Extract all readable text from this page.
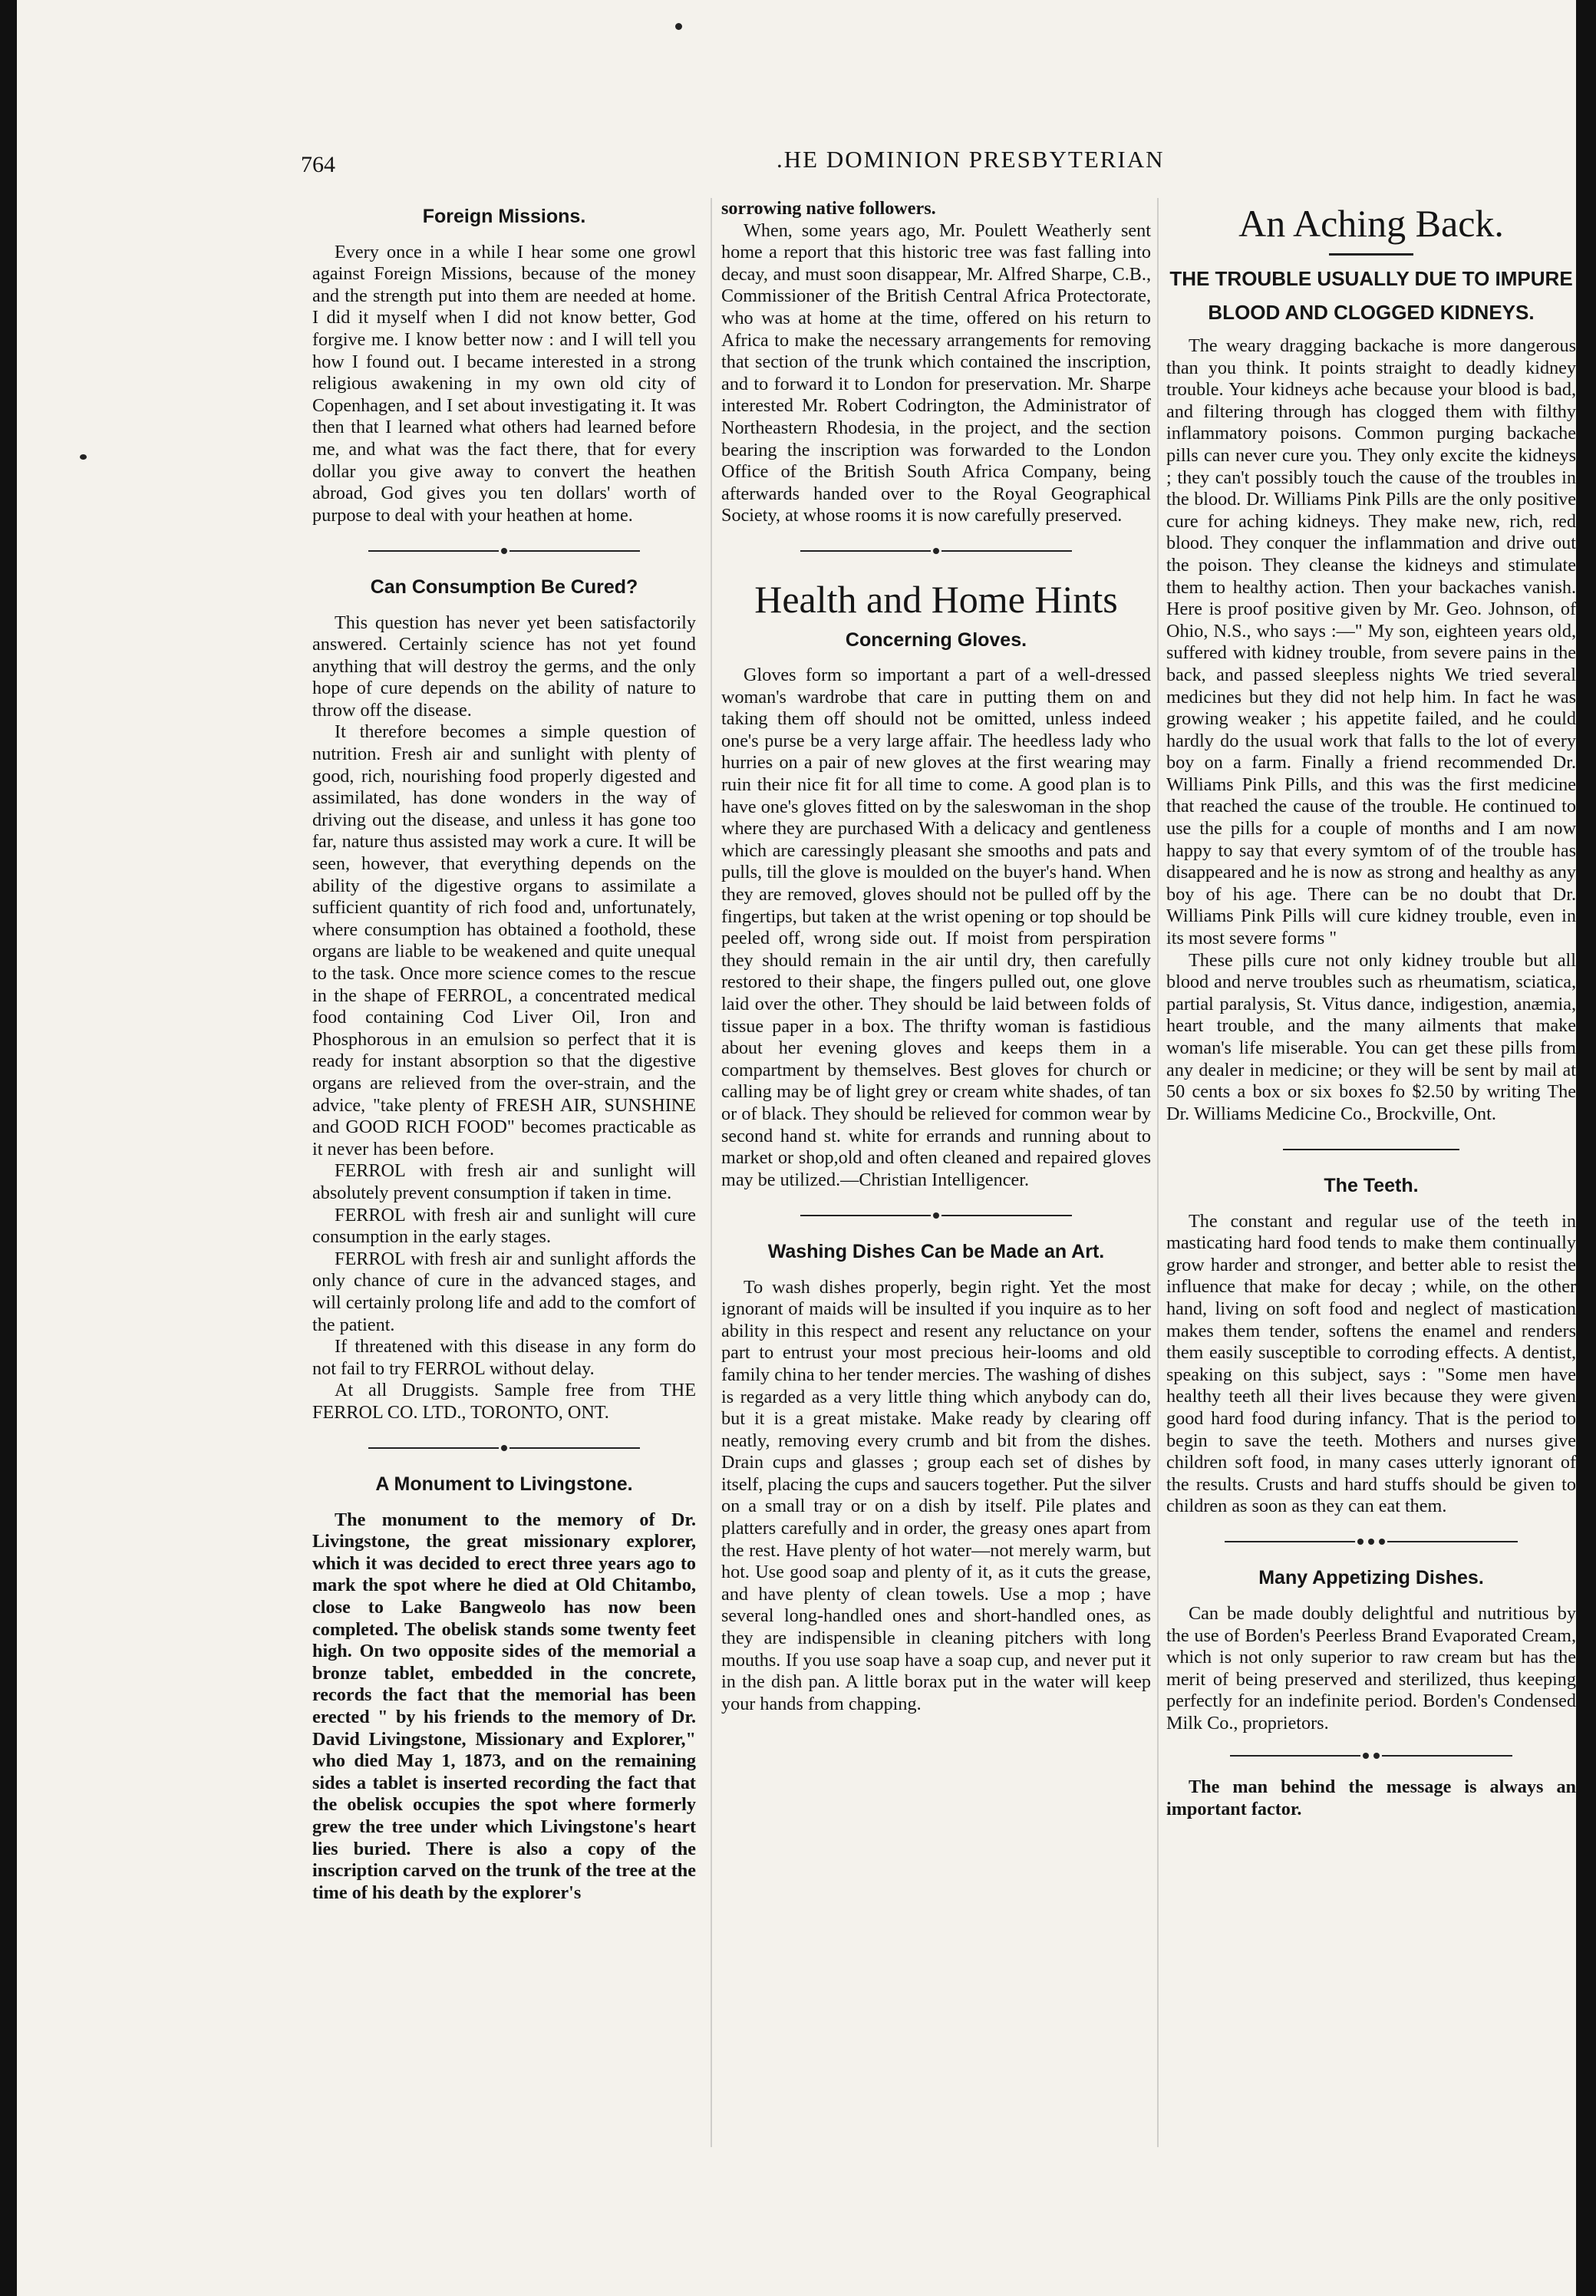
764	.HE DOMINION PRESBYTERIAN
Foreign Missions.

Every once in a while I hear some one growl against Foreign Missions, because of the money and the strength put into them are needed at home. I did it myself when I did not know better, God forgive me. I know better now : and I will tell you how I found out. I became interested in a strong religious awakening in my own old city of Copenhagen, and I set about investigating it. It was then that I learned what others had learned before me, and what was the fact there, that for every dollar you give away to convert the heathen abroad, God gives you ten dollars' worth of purpose to deal with your heathen at home.

Can Consumption Be Cured?

This question has never yet been satisfactorily answered. Certainly science has not yet found anything that will destroy the germs, and the only hope of cure depends on the ability of nature to throw off the disease.

It therefore becomes a simple question of nutrition. Fresh air and sunlight with plenty of good, rich, nourishing food properly digested and assimilated, has done wonders in the way of driving out the disease, and unless it has gone too far, nature thus assisted may work a cure. It will be seen, however, that everything depends on the ability of the digestive organs to assimilate a sufficient quantity of rich food and, unfortunately, where consumption has obtained a foothold, these organs are liable to be weakened and quite unequal to the task. Once more science comes to the rescue in the shape of FERROL, a concentrated medical food containing Cod Liver Oil, Iron and Phosphorous in an emulsion so perfect that it is ready for instant absorption so that the digestive organs are relieved from the over-strain, and the advice, "take plenty of FRESH AIR, SUNSHINE and GOOD RICH FOOD" becomes practicable as it never has been before.

FERROL with fresh air and sunlight will absolutely prevent consumption if taken in time.

FERROL with fresh air and sunlight will cure consumption in the early stages.

FERROL with fresh air and sunlight affords the only chance of cure in the advanced stages, and will certainly prolong life and add to the comfort of the patient.

If threatened with this disease in any form do not fail to try FERROL without delay.

At all Druggists. Sample free from THE FERROL CO. LTD., TORONTO, ONT.

A Monument to Livingstone.

The monument to the memory of Dr. Livingstone, the great missionary explorer, which it was decided to erect three years ago to mark the spot where he died at Old Chitambo, close to Lake Bangweolo has now been completed. The obelisk stands some twenty feet high. On two opposite sides of the memorial a bronze tablet, embedded in the concrete, records the fact that the memorial has been erected " by his friends to the memory of Dr. David Livingstone, Missionary and Explorer," who died May 1, 1873, and on the remaining sides a tablet is inserted recording the fact that the obelisk occupies the spot where formerly grew the tree under which Livingstone's heart lies buried. There is also a copy of the inscription carved on the trunk of the tree at the time of his death by the explorer's

sorrowing native followers.

When, some years ago, Mr. Poulett Weatherly sent home a report that this historic tree was fast falling into decay, and must soon disappear, Mr. Alfred Sharpe, C.B., Commissioner of the British Central Africa Protectorate, who was at home at the time, offered on his return to Africa to make the necessary arrangements for removing that section of the trunk which contained the inscription, and to forward it to London for preservation. Mr. Sharpe interested Mr. Robert Codrington, the Administrator of Northeastern Rhodesia, in the project, and the section bearing the inscription was forwarded to the London Office of the British South Africa Company, being afterwards handed over to the Royal Geographical Society, at whose rooms it is now carefully preserved.

Health and Home Hints
Concerning Gloves.

Gloves form so important a part of a well-dressed woman's wardrobe that care in putting them on and taking them off should not be omitted, unless indeed one's purse be a very large affair. The heedless lady who hurries on a pair of new gloves at the first wearing may ruin their nice fit for all time to come. A good plan is to have one's gloves fitted on by the saleswoman in the shop where they are purchased With a delicacy and gentleness which are caressingly pleasant she smooths and pats and pulls, till the glove is moulded on the buyer's hand. When they are removed, gloves should not be pulled off by the fingertips, but taken at the wrist opening or top should be peeled off, wrong side out. If moist from perspiration they should remain in the air until dry, then carefully restored to their shape, the fingers pulled out, one glove laid over the other. They should be laid between folds of tissue paper in a box. The thrifty woman is fastidious about her evening gloves and keeps them in a compartment by themselves. Best gloves for church or calling may be of light grey or cream white shades, of tan or of black. They should be relieved for common wear by second hand st. white for errands and running about to market or shop,old and often cleaned and repaired gloves may be utilized.—Christian Intelligencer.

Washing Dishes Can be Made an Art.

To wash dishes properly, begin right. Yet the most ignorant of maids will be insulted if you inquire as to her ability in this respect and resent any reluctance on your part to entrust your most precious heir-looms and old family china to her tender mercies. The washing of dishes is regarded as a very little thing which anybody can do, but it is a great mistake. Make ready by clearing off neatly, removing every crumb and bit from the dishes. Drain cups and glasses ; group each set of dishes by itself, placing the cups and saucers together. Put the silver on a small tray or on a dish by itself. Pile plates and platters carefully and in order, the greasy ones apart from the rest. Have plenty of hot water—not merely warm, but hot. Use good soap and plenty of it, as it cuts the grease, and have plenty of clean towels. Use a mop ; have several long-handled ones and short-handled ones, as they are indispensible in cleaning pitchers with long mouths. If you use soap have a soap cup, and never put it in the dish pan. A little borax put in the water will keep your hands from chapping.

An Aching Back.
THE TROUBLE USUALLY DUE TO IMPURE BLOOD AND CLOGGED KIDNEYS.

The weary dragging backache is more dangerous than you think. It points straight to deadly kidney trouble. Your kidneys ache because your blood is bad, and filtering through has clogged them with filthy inflammatory poisons. Common purging backache pills can never cure you. They only excite the kidneys ; they can't possibly touch the cause of the troubles in the blood. Dr. Williams Pink Pills are the only positive cure for aching kidneys. They make new, rich, red blood. They conquer the inflammation and drive out the poison. They cleanse the kidneys and stimulate them to healthy action. Then your backaches vanish. Here is proof positive given by Mr. Geo. Johnson, of Ohio, N.S., who says :—" My son, eighteen years old, suffered with kidney trouble, from severe pains in the back, and passed sleepless nights We tried several medicines but they did not help him. In fact he was growing weaker ; his appetite failed, and he could hardly do the usual work that falls to the lot of every boy on a farm. Finally a friend recommended Dr. Williams Pink Pills, and this was the first medicine that reached the cause of the trouble. He continued to use the pills for a couple of months and I am now happy to say that every symtom of of the trouble has disappeared and he is now as strong and healthy as any boy of his age. There can be no doubt that Dr. Williams Pink Pills will cure kidney trouble, even in its most severe forms "

These pills cure not only kidney trouble but all blood and nerve troubles such as rheumatism, sciatica, partial paralysis, St. Vitus dance, indigestion, anæmia, heart trouble, and the many ailments that make woman's life miserable. You can get these pills from any dealer in medicine; or they will be sent by mail at 50 cents a box or six boxes fo $2.50 by writing The Dr. Williams Medicine Co., Brockville, Ont.

The Teeth.

The constant and regular use of the teeth in masticating hard food tends to make them continually grow harder and stronger, and better able to resist the influence that make for decay ; while, on the other hand, living on soft food and neglect of mastication makes them tender, softens the enamel and renders them easily susceptible to corroding effects. A dentist, speaking on this subject, says : "Some men have healthy teeth all their lives because they were given good hard food during infancy. That is the period to begin to save the teeth. Mothers and nurses give children soft food, in many cases utterly ignorant of the results. Crusts and hard stuffs should be given to children as soon as they can eat them.

Many Appetizing Dishes.

Can be made doubly delightful and nutritious by the use of Borden's Peerless Brand Evaporated Cream, which is not only superior to raw cream but has the merit of being preserved and sterilized, thus keeping perfectly for an indefinite period. Borden's Condensed Milk Co., proprietors.

The man behind the message is always an important factor.
